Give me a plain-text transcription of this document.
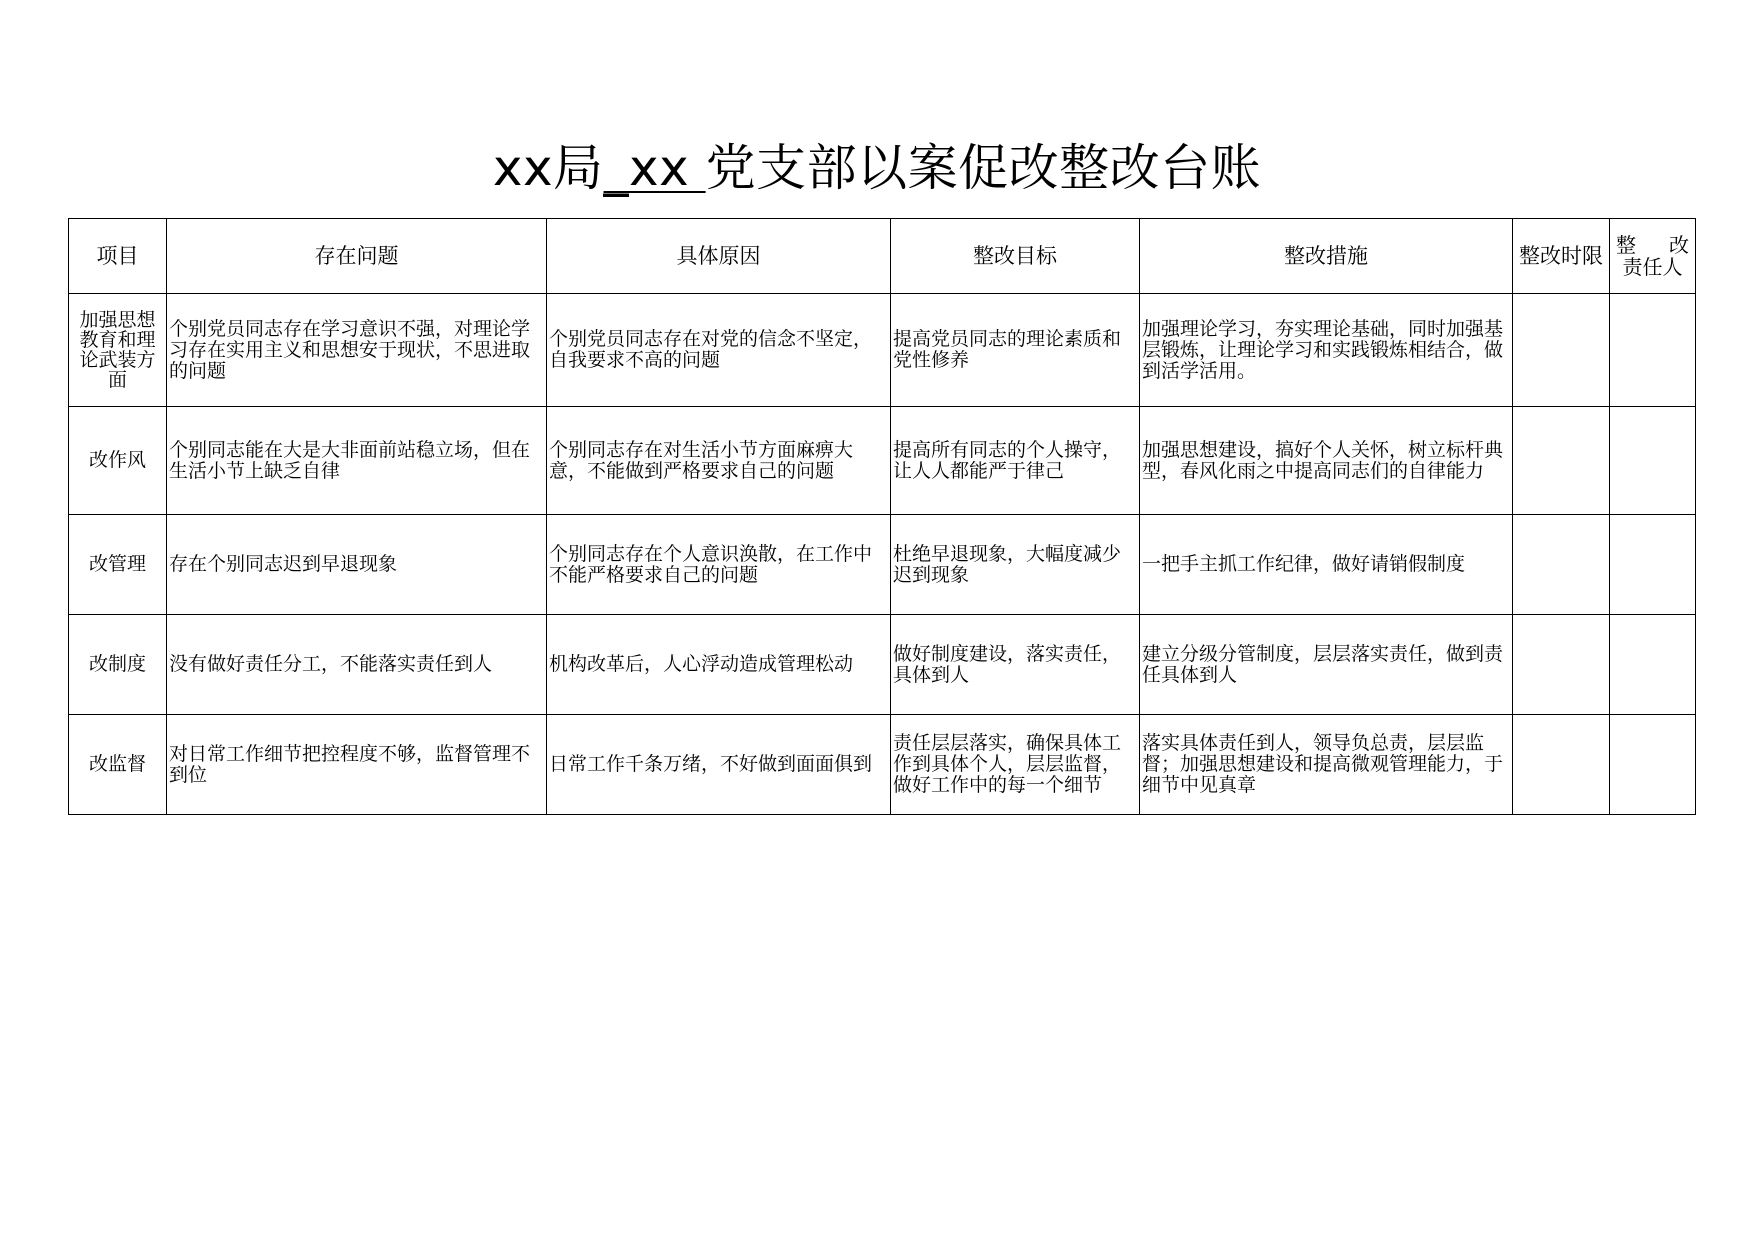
xx局_xx 党支部以案促改整改台账
项目	存在问题	具体原因	整改目标	整改措施	整改时限	整　改
责任人

加强思想教育和理论武装方面	个别党员同志存在学习意识不强，对理论学习存在实用主义和思想安于现状，不思进取的问题	个别党员同志存在对党的信念不坚定，自我要求不高的问题	提高党员同志的理论素质和党性修养	加强理论学习，夯实理论基础，同时加强基层锻炼，让理论学习和实践锻炼相结合，做到活学活用。		
改作风	个别同志能在大是大非面前站稳立场，但在生活小节上缺乏自律	个别同志存在对生活小节方面麻痹大意，不能做到严格要求自己的问题	提高所有同志的个人操守，让人人都能严于律己	加强思想建设，搞好个人关怀，树立标杆典型，春风化雨之中提高同志们的自律能力		
改管理	存在个别同志迟到早退现象	个别同志存在个人意识涣散，在工作中不能严格要求自己的问题	杜绝早退现象，大幅度减少迟到现象	一把手主抓工作纪律，做好请销假制度		
改制度	没有做好责任分工，不能落实责任到人	机构改革后，人心浮动造成管理松动	做好制度建设，落实责任，具体到人	建立分级分管制度，层层落实责任，做到责任具体到人		
改监督	对日常工作细节把控程度不够，监督管理不到位	日常工作千条万绪，不好做到面面俱到	责任层层落实，确保具体工作到具体个人，层层监督，做好工作中的每一个细节	落实具体责任到人，领导负总责，层层监督；加强思想建设和提高微观管理能力，于细节中见真章		
